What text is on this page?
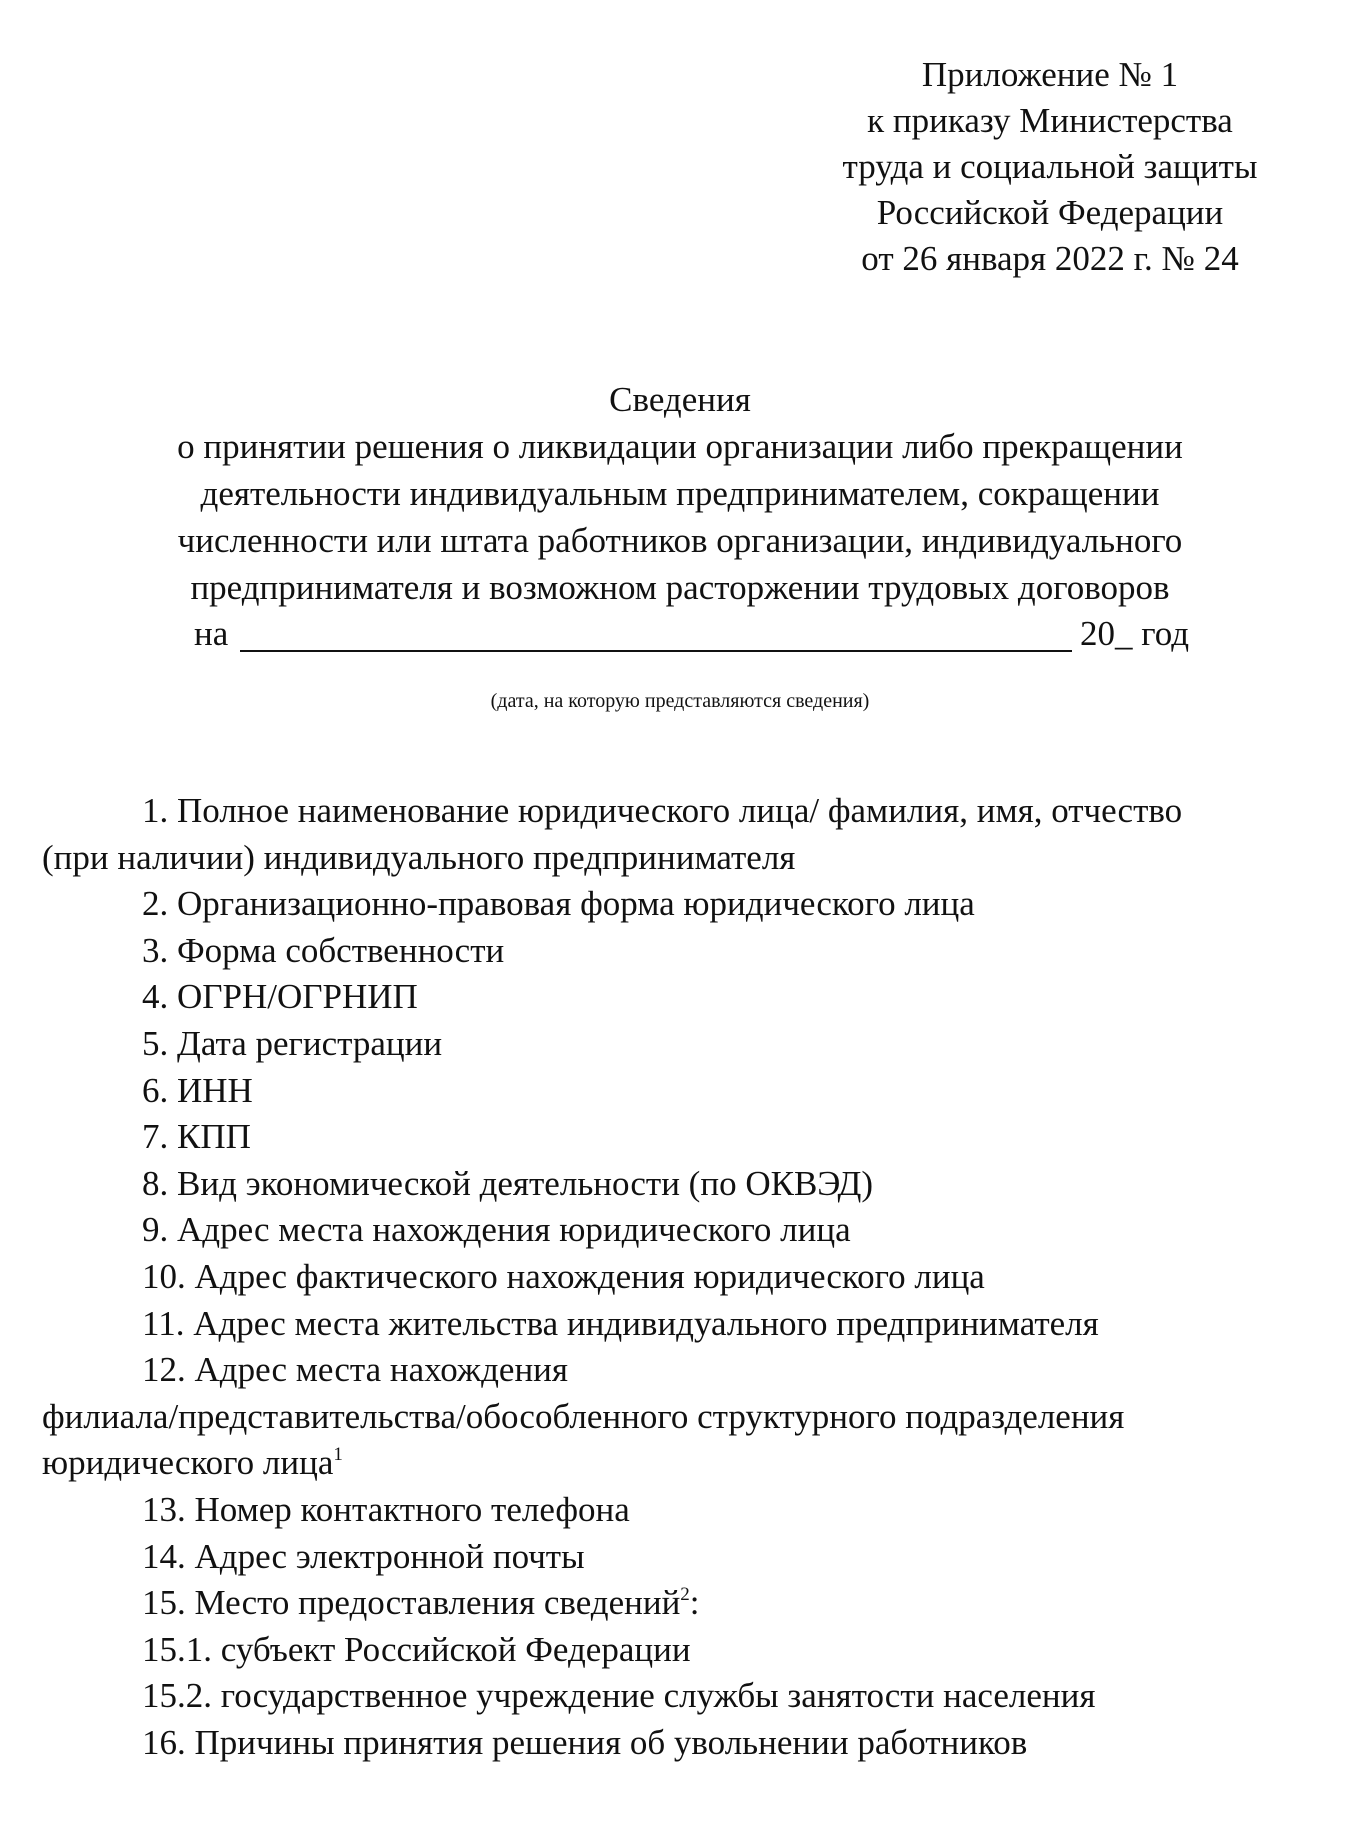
Приложение № 1
к приказу Министерства
труда и социальной защиты
Российской Федерации
от 26 января 2022 г. № 24
Сведения
о принятии решения о ликвидации организации либо прекращении
деятельности индивидуальным предпринимателем, сокращении
численности или штата работников организации, индивидуального
предпринимателя и возможном расторжении трудовых договоров
на	20_ год
(дата, на которую представляются сведения)
1. Полное наименование юридического лица/ фамилия, имя, отчество
(при наличии) индивидуального предпринимателя
2. Организационно-правовая форма юридического лица
3. Форма собственности
4. ОГРН/ОГРНИП
5. Дата регистрации
6. ИНН
7. КПП
8. Вид экономической деятельности (по ОКВЭД)
9. Адрес места нахождения юридического лица
10. Адрес фактического нахождения юридического лица
11. Адрес места жительства индивидуального предпринимателя
12. Адрес места нахождения
филиала/представительства/обособленного структурного подразделения
юридического лица$^1$
13. Номер контактного телефона
14. Адрес электронной почты
15. Место предоставления сведений$^2$:
15.1. субъект Российской Федерации
15.2. государственное учреждение службы занятости населения
16. Причины принятия решения об увольнении работников
